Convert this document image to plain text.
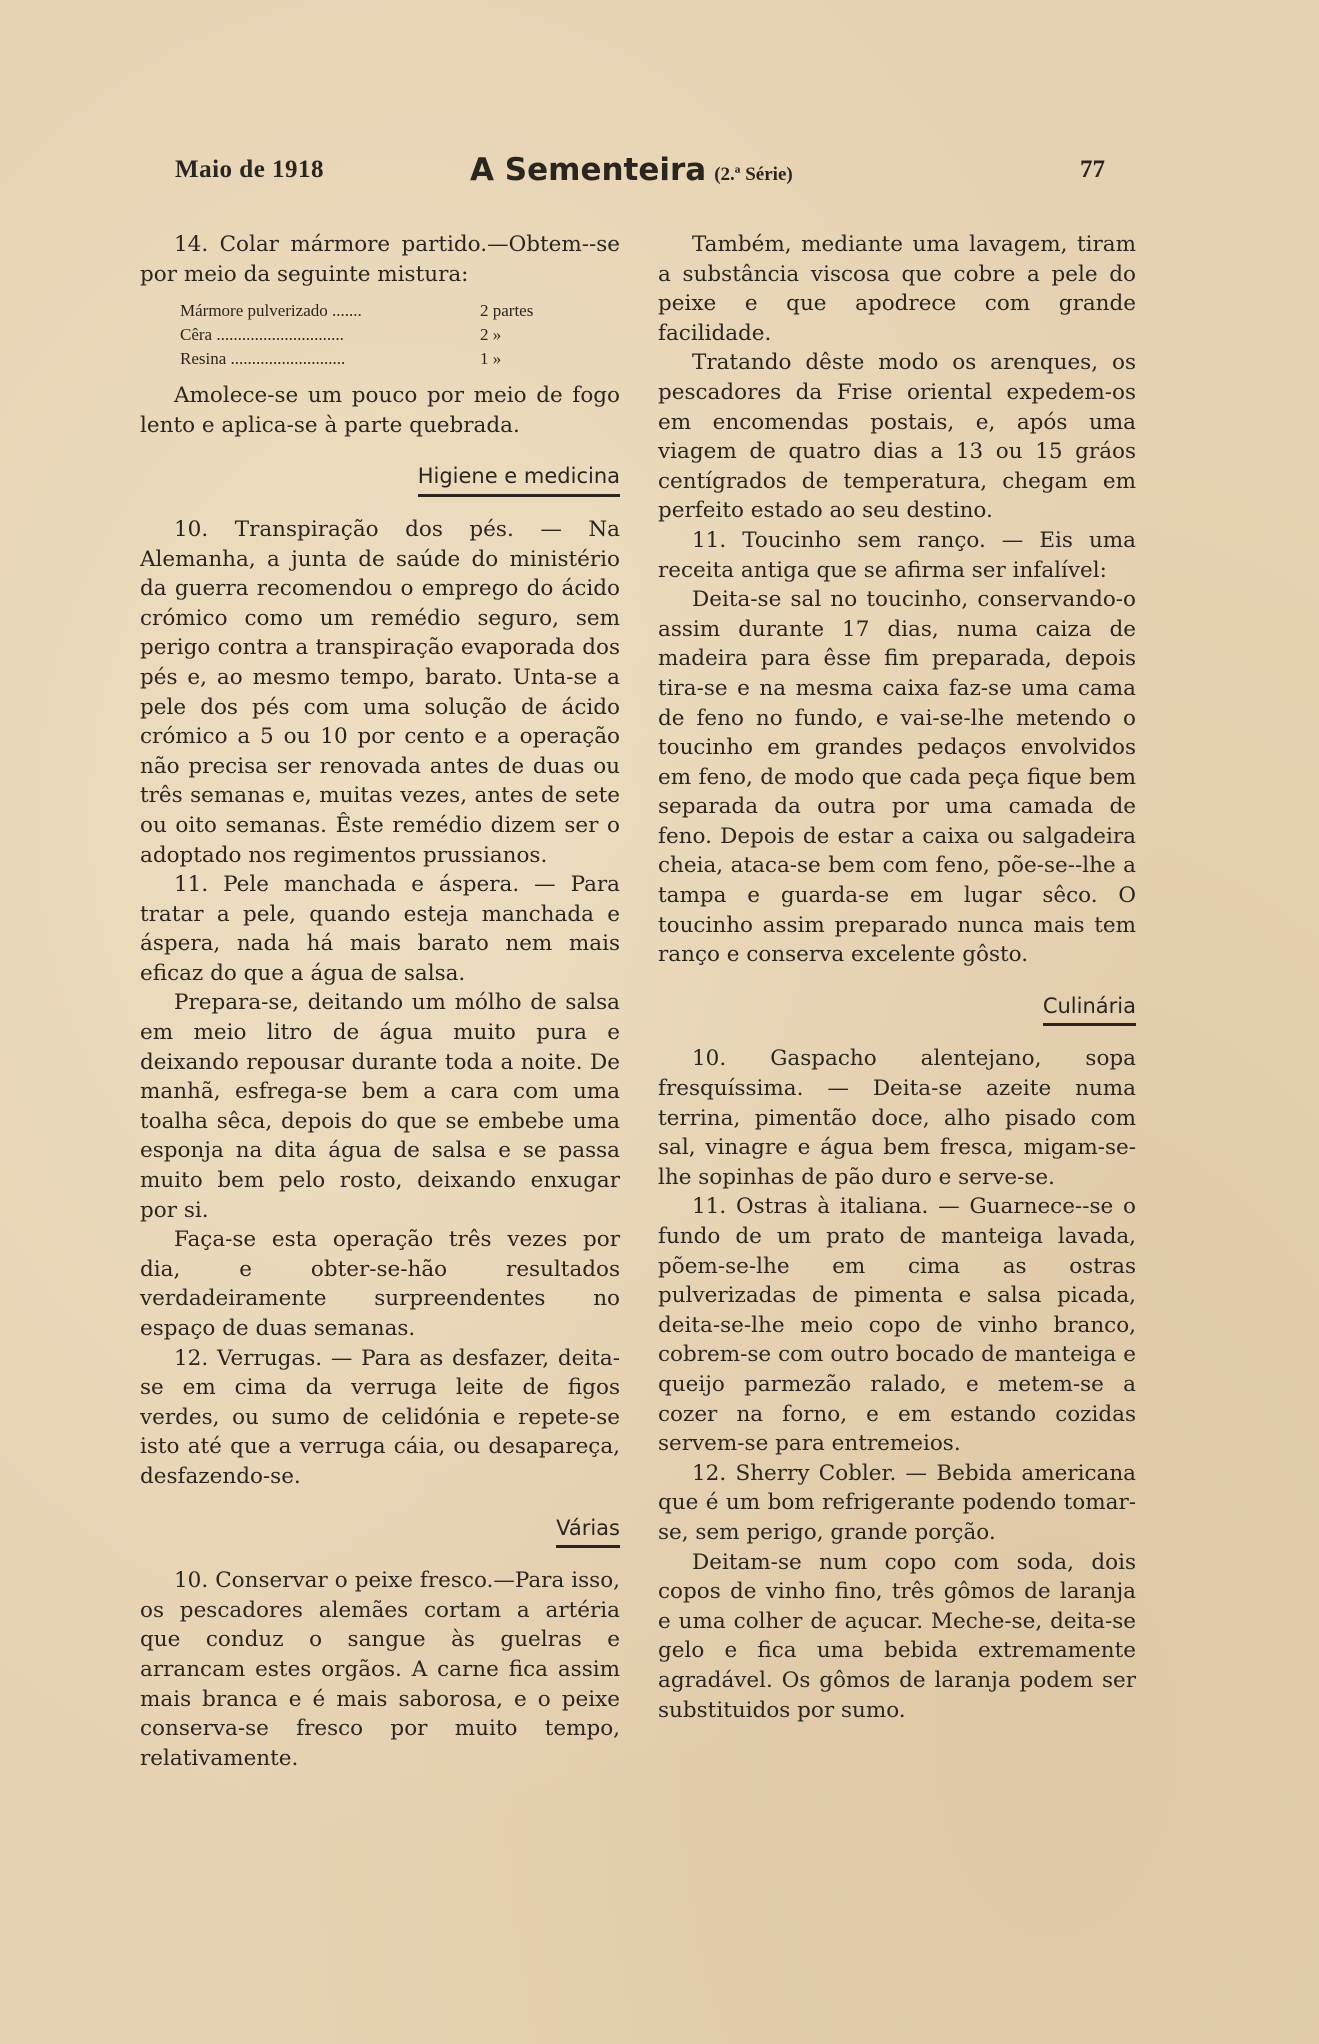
Maio de 1918	A Sementeira (2.ª Série)	77

14. Colar mármore partido.—Obtem--se por meio da seguinte mistura:

Mármore pulverizado .......	2 partes
Cêra ..............................	2 »
Resina ...........................	1 »

Amolece-se um pouco por meio de fogo lento e aplica-se à parte quebrada.

Higiene e medicina

10. Transpiração dos pés. — Na Alemanha, a junta de saúde do ministério da guerra recomendou o emprego do ácido crómico como um remédio seguro, sem perigo contra a transpiração evaporada dos pés e, ao mesmo tempo, barato. Unta-se a pele dos pés com uma solução de ácido crómico a 5 ou 10 por cento e a operação não precisa ser renovada antes de duas ou três semanas e, muitas vezes, antes de sete ou oito semanas. Êste remédio dizem ser o adoptado nos regimentos prussianos.

11. Pele manchada e áspera. — Para tratar a pele, quando esteja manchada e áspera, nada há mais barato nem mais eficaz do que a água de salsa.

Prepara-se, deitando um mólho de salsa em meio litro de água muito pura e deixando repousar durante toda a noite. De manhã, esfrega-se bem a cara com uma toalha sêca, depois do que se embebe uma esponja na dita água de salsa e se passa muito bem pelo rosto, deixando enxugar por si.

Faça-se esta operação três vezes por dia, e obter-se-hão resultados verdadeiramente surpreendentes no espaço de duas semanas.

12. Verrugas. — Para as desfazer, deita-se em cima da verruga leite de figos verdes, ou sumo de celidónia e repete-se isto até que a verruga cáia, ou desapareça, desfazendo-se.

Várias

10. Conservar o peixe fresco.—Para isso, os pescadores alemães cortam a artéria que conduz o sangue às guelras e arrancam estes orgãos. A carne fica assim mais branca e é mais saborosa, e o peixe conserva-se fresco por muito tempo, relativamente.

Também, mediante uma lavagem, tiram a substância viscosa que cobre a pele do peixe e que apodrece com grande facilidade.

Tratando dêste modo os arenques, os pescadores da Frise oriental expedem-os em encomendas postais, e, após uma viagem de quatro dias a 13 ou 15 gráos centígrados de temperatura, chegam em perfeito estado ao seu destino.

11. Toucinho sem ranço. — Eis uma receita antiga que se afirma ser infalível:

Deita-se sal no toucinho, conservando-o assim durante 17 dias, numa caiza de madeira para êsse fim preparada, depois tira-se e na mesma caixa faz-se uma cama de feno no fundo, e vai-se-lhe metendo o toucinho em grandes pedaços envolvidos em feno, de modo que cada peça fique bem separada da outra por uma camada de feno. Depois de estar a caixa ou salgadeira cheia, ataca-se bem com feno, põe-se--lhe a tampa e guarda-se em lugar sêco. O toucinho assim preparado nunca mais tem ranço e conserva excelente gôsto.

Culinária

10. Gaspacho alentejano, sopa fresquíssima. — Deita-se azeite numa terrina, pimentão doce, alho pisado com sal, vinagre e água bem fresca, migam-se-lhe sopinhas de pão duro e serve-se.

11. Ostras à italiana. — Guarnece--se o fundo de um prato de manteiga lavada, põem-se-lhe em cima as ostras pulverizadas de pimenta e salsa picada, deita-se-lhe meio copo de vinho branco, cobrem-se com outro bocado de manteiga e queijo parmezão ralado, e metem-se a cozer na forno, e em estando cozidas servem-se para entremeios.

12. Sherry Cobler. — Bebida americana que é um bom refrigerante podendo tomar-se, sem perigo, grande porção.

Deitam-se num copo com soda, dois copos de vinho fino, três gômos de laranja e uma colher de açucar. Meche-se, deita-se gelo e fica uma bebida extremamente agradável. Os gômos de laranja podem ser substituidos por sumo.
